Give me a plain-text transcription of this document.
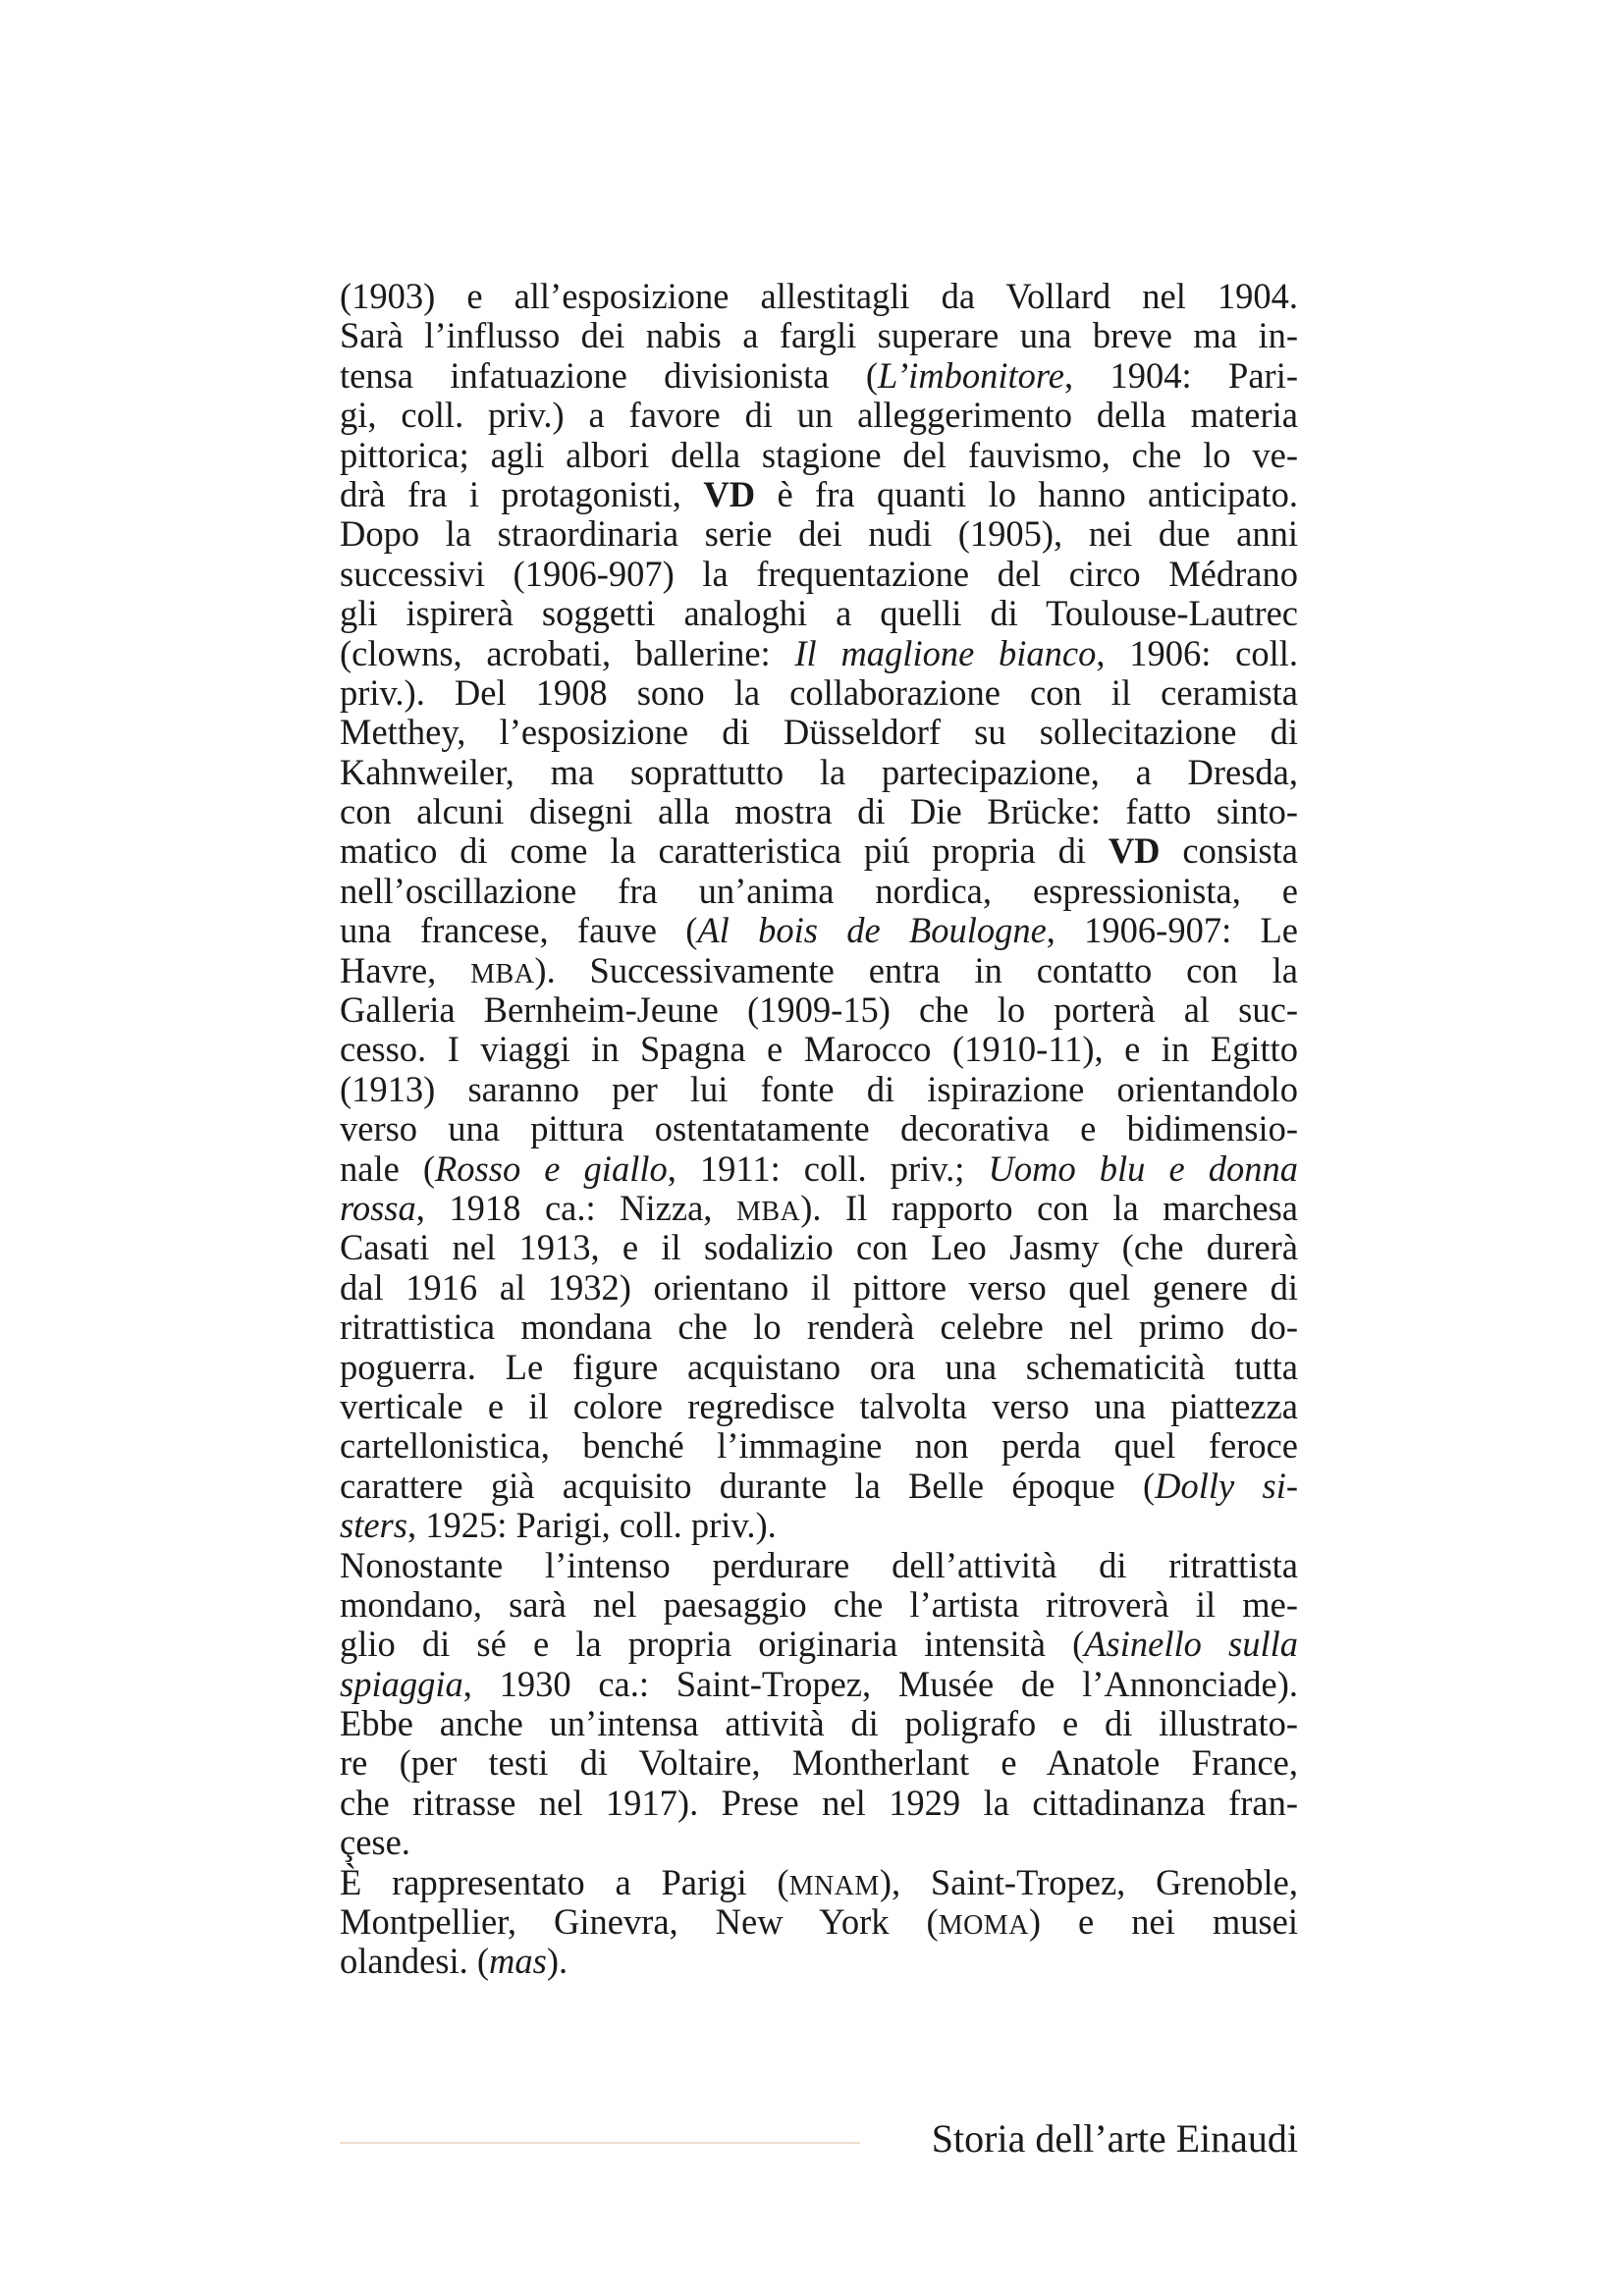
(1903) e all’esposizione allestitagli da Vollard nel 1904.
Sarà l’influsso dei nabis a fargli superare una breve ma in-
tensa infatuazione divisionista (L’imbonitore, 1904: Pari-
gi, coll. priv.) a favore di un alleggerimento della materia
pittorica; agli albori della stagione del fauvismo, che lo ve-
drà fra i protagonisti, VD è fra quanti lo hanno anticipato.
Dopo la straordinaria serie dei nudi (1905), nei due anni
successivi (1906-907) la frequentazione del circo Médrano
gli ispirerà soggetti analoghi a quelli di Toulouse-Lautrec
(clowns, acrobati, ballerine: Il maglione bianco, 1906: coll.
priv.). Del 1908 sono la collaborazione con il ceramista
Metthey, l’esposizione di Düsseldorf su sollecitazione di
Kahnweiler, ma soprattutto la partecipazione, a Dresda,
con alcuni disegni alla mostra di Die Brücke: fatto sinto-
matico di come la caratteristica piú propria di VD consista
nell’oscillazione fra un’anima nordica, espressionista, e
una francese, fauve (Al bois de Boulogne, 1906-907: Le
Havre, MBA). Successivamente entra in contatto con la
Galleria Bernheim-Jeune (1909-15) che lo porterà al suc-
cesso. I viaggi in Spagna e Marocco (1910-11), e in Egitto
(1913) saranno per lui fonte di ispirazione orientandolo
verso una pittura ostentatamente decorativa e bidimensio-
nale (Rosso e giallo, 1911: coll. priv.; Uomo blu e donna
rossa, 1918 ca.: Nizza, MBA). Il rapporto con la marchesa
Casati nel 1913, e il sodalizio con Leo Jasmy (che durerà
dal 1916 al 1932) orientano il pittore verso quel genere di
ritrattistica mondana che lo renderà celebre nel primo do-
poguerra. Le figure acquistano ora una schematicità tutta
verticale e il colore regredisce talvolta verso una piattezza
cartellonistica, benché l’immagine non perda quel feroce
carattere già acquisito durante la Belle époque (Dolly si-
sters, 1925: Parigi, coll. priv.).
Nonostante l’intenso perdurare dell’attività di ritrattista
mondano, sarà nel paesaggio che l’artista ritroverà il me-
glio di sé e la propria originaria intensità (Asinello sulla
spiaggia, 1930 ca.: Saint-Tropez, Musée de l’Annonciade).
Ebbe anche un’intensa attività di poligrafo e di illustrato-
re (per testi di Voltaire, Montherlant e Anatole France,
che ritrasse nel 1917). Prese nel 1929 la cittadinanza fran-
çese.
È rappresentato a Parigi (MNAM), Saint-Tropez, Grenoble,
Montpellier, Ginevra, New York (MOMA) e nei musei
olandesi. (mas).
Storia dell’arte Einaudi
